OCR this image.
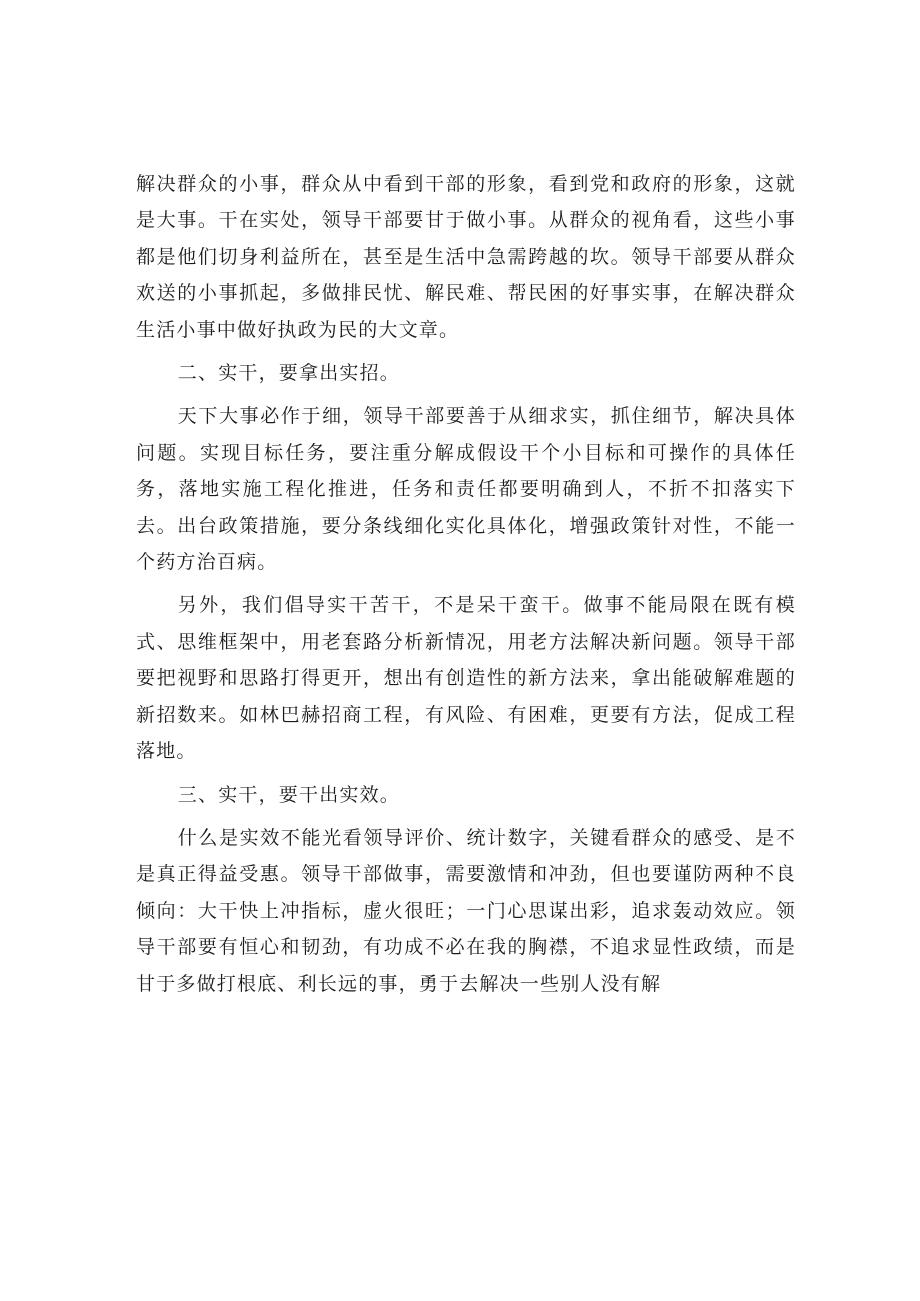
解决群众的小事，群众从中看到干部的形象，看到党和政府的形象，这就是大事。干在实处，领导干部要甘于做小事。从群众的视角看，这些小事都是他们切身利益所在，甚至是生活中急需跨越的坎。领导干部要从群众欢送的小事抓起，多做排民忧、解民难、帮民困的好事实事，在解决群众生活小事中做好执政为民的大文章。

二、实干，要拿出实招。

天下大事必作于细，领导干部要善于从细求实，抓住细节，解决具体问题。实现目标任务，要注重分解成假设干个小目标和可操作的具体任务，落地实施工程化推进，任务和责任都要明确到人，不折不扣落实下去。出台政策措施，要分条线细化实化具体化，增强政策针对性，不能一个药方治百病。

另外，我们倡导实干苦干，不是呆干蛮干。做事不能局限在既有模式、思维框架中，用老套路分析新情况，用老方法解决新问题。领导干部要把视野和思路打得更开，想出有创造性的新方法来，拿出能破解难题的新招数来。如林巴赫招商工程，有风险、有困难，更要有方法，促成工程落地。

三、实干，要干出实效。

什么是实效不能光看领导评价、统计数字，关键看群众的感受、是不是真正得益受惠。领导干部做事，需要激情和冲劲，但也要谨防两种不良倾向：大干快上冲指标，虚火很旺；一门心思谋出彩，追求轰动效应。领导干部要有恒心和韧劲，有功成不必在我的胸襟，不追求显性政绩，而是甘于多做打根底、利长远的事，勇于去解决一些别人没有解
